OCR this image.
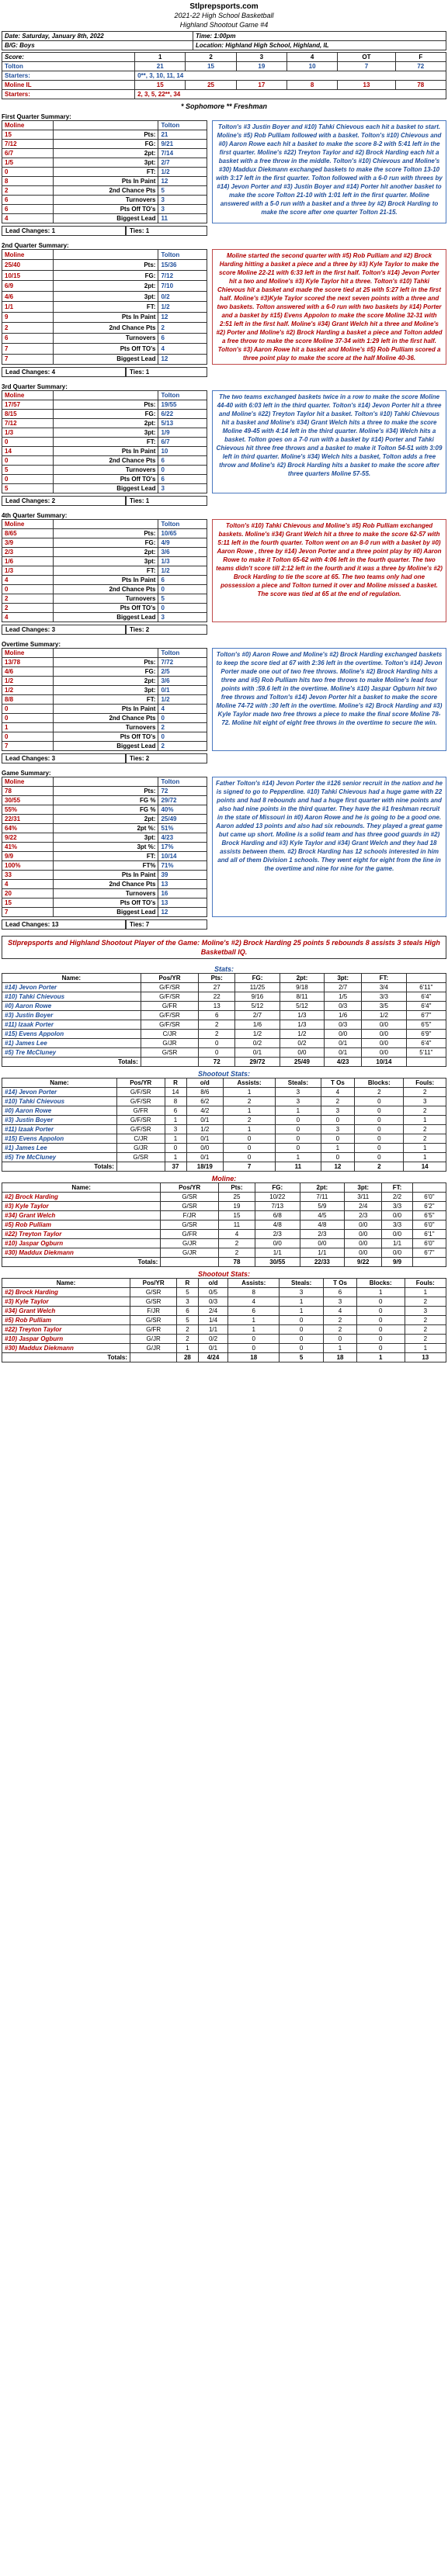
Stlprepsports.com
2021-22 High School Basketball
Highland Shootout Game #4
Date: Saturday, January 8th, 2022	Time: 1:00pm
B/G: Boys	Location: Highland High School, Highland, IL
Score:	1	2	3	4	OT	F
Tolton	21	15	19	10	7	72
Starters:	0**, 3, 10, 11, 14					
Moline IL	15	25	17	8	13	78
Starters:	2, 3, 5, 22**, 34					
* Sophomore ** Freshman
First Quarter Summary:
Moline		Tolton
15	Pts:	21
7/12	FG:	9/21
6/7	2pt:	7/14
1/5	3pt:	2/7
0	FT:	1/2
8	Pts In Paint	12
2	2nd Chance Pts	5
6	Turnovers	3
6	Pts Off TO's	3
4	Biggest Lead	11
Tolton's #3 Justin Boyer and #10) Tahki Chievous each hit a basket to start. Moline's #5) Rob Pulliam followed with a basket. Tolton's #10) Chievous and #0) Aaron Rowe each hit a basket to make the score 8-2 with 5:41 left in the first quarter. Moline's #22) Treyton Taylor and #2) Brock Harding each hit a basket with a free throw in the middle. Tolton's #10) Chievous and Moline's #30) Maddux Diekmann exchanged baskets to make the score Tolton 13-10 with 3:17 left in the first quarter. Tolton followed with a 6-0 run with threes by #14) Jevon Porter and #3) Justin Boyer and #14) Porter hit another basket to make the score Tolton 21-10 with 1:01 left in the first quarter. Moline answered with a 5-0 run with a basket and a three by #2) Brock Harding to make the score after one quarter Tolton 21-15.
Lead Changes: 1	Ties: 1
2nd Quarter Summary:
Moline		Tolton
25/40	Pts:	15/36
10/15	FG:	7/12
6/9	2pt:	7/10
4/6	3pt:	0/2
1/1	FT:	1/2
9	Pts In Paint	12
2	2nd Chance Pts	2
6	Turnovers	6
7	Pts Off TO's	4
7	Biggest Lead	12
Moline started the second quarter with #5) Rob Pulliam and #2) Brock Harding hitting a basket a piece and a three by #3) Kyle Taylor to make the score Moline 22-21 with 6:33 left in the first half. Tolton's #14) Jevon Porter hit a two and Moline's #3) Kyle Taylor hit a three. Tolton's #10) Tahki Chievous hit a basket and made the score tied at 25 with 5:27 left in the first half. Moline's #3)Kyle Taylor scored the next seven points with a three and two baskets. Tolton answered with a 6-0 run with two baskets by #14) Porter and a basket by #15) Evens Appolon to make the score Moline 32-31 with 2:51 left in the first half. Moline's #34) Grant Welch hit a three and Moline's #2) Porter and Moline's #2) Brock Harding a basket a piece and Tolton added a free throw to make the score Moline 37-34 with 1:29 left in the first half. Tolton's #3) Aaron Rowe hit a basket and Moline's #5) Rob Pulliam scored a three point play to make the score at the half Moline 40-36.
Lead Changes: 4	Ties: 1
3rd Quarter Summary:
Moline		Tolton
17/57	Pts:	19/55
8/15	FG:	6/22
7/12	2pt:	5/13
1/3	3pt:	1/9
0	FT:	6/7
14	Pts In Paint	10
0	2nd Chance Pts	6
5	Turnovers	0
0	Pts Off TO's	6
5	Biggest Lead	3
The two teams exchanged baskets twice in a row to make the score Moline 44-40 with 6:03 left in the third quarter. Tolton's #14) Jevon Porter hit a three and Moline's #22) Treyton Taylor hit a basket. Tolton's #10) Tahki Chievous hit a basket and Moline's #34) Grant Welch hits a three to make the score Moline 49-45 with 4:14 left in the third quarter. Moline's #34) Welch hits a basket. Tolton goes on a 7-0 run with a basket by #14) Porter and Tahki Chievous hit three free throws and a basket to make it Tolton 54-51 with 3:09 left in third quarter. Moline's #34) Welch hits a basket, Tolton adds a free throw and Moline's #2) Brock Harding hits a basket to make the score after three quarters Moline 57-55.
Lead Changes: 2	Ties: 1
4th Quarter Summary:
Moline		Tolton
8/65	Pts:	10/65
3/9	FG:	4/9
2/3	2pt:	3/6
1/6	3pt:	1/3
1/3	FT:	1/2
4	Pts In Paint	6
0	2nd Chance Pts	0
2	Turnovers	5
2	Pts Off TO's	0
4	Biggest Lead	3
Tolton's #10) Tahki Chievous and Moline's #5) Rob Pulliam exchanged baskets. Moline's #34) Grant Welch hit a three to make the score 62-57 with 5:11 left in the fourth quarter. Tolton went on an 8-0 run with a basket by #0) Aaron Rowe , three by #14) Jevon Porter and a three point play by #0) Aaron Rowe to make it Tolton 65-62 with 4:06 left in the fourth quarter. The two teams didn't score till 2:12 left in the fourth and it was a three by Moline's #2) Brock Harding to tie the score at 65. The two teams only had one possession a piece and Tolton turned it over and Moline missed a basket. The score was tied at 65 at the end of regulation.
Lead Changes: 3	Ties: 2
Overtime Summary:
Moline		Tolton
13/78	Pts:	7/72
4/6	FG:	2/5
1/2	2pt:	3/6
1/2	3pt:	0/1
8/8	FT:	1/2
0	Pts In Paint	4
0	2nd Chance Pts	0
1	Turnovers	2
0	Pts Off TO's	0
7	Biggest Lead	2
Tolton's #0) Aaron Rowe and Moline's #2) Brock Harding exchanged baskets to keep the score tied at 67 with 2:36 left in the overtime. Tolton's #14) Jevon Porter made one out of two free throws. Moline's #2) Brock Harding hits a three and #5) Rob Pulliam hits two free throws to make Moline's lead four points with :59.6 left in the overtime. Moline's #10) Jaspar Ogburn hit two free throws and Tolton's #14) Jevon Porter hit a basket to make the score Moline 74-72 with :30 left in the overtime. Moline's #2) Brock Harding and #3) Kyle Taylor made two free throws a piece to make the final score Moline 78-72. Moline hit eight of eight free throws in the overtime to secure the win.
Lead Changes: 3	Ties: 2
Game Summary:
Moline		Tolton
78	Pts:	72
30/55	FG %	29/72
55%	FG %	40%
22/31	2pt:	25/49
64%	2pt %:	51%
9/22	3pt:	4/23
41%	3pt %:	17%
9/9	FT:	10/14
100%	FT%	71%
33	Pts In Paint	39
4	2nd Chance Pts	13
20	Turnovers	16
15	Pts Off TO's	13
7	Biggest Lead	12
Father Tolton's #14) Jevon Porter the #126 senior recruit in the nation and he is signed to go to Pepperdine. #10) Tahki Chievous had a huge game with 22 points and had 8 rebounds and had a huge first quarter with nine points and also had nine points in the third quarter. They have the #1 freshman recruit in the state of Missouri in #0) Aaron Rowe and he is going to be a good one. Aaron added 13 points and also had six rebounds. They played a great game but came up short. Moline is a solid team and has three good guards in #2) Brock Harding and #3) Kyle Taylor and #34) Grant Welch and they had 18 assists between them. #2) Brock Harding has 12 schools interested in him and all of them Division 1 schools. They went eight for eight from the line in the overtime and nine for nine for the game.
Lead Changes: 13	Ties: 7
Stlprepsports and Highland Shootout Player of the Game: Moline's #2) Brock Harding 25 points 5 rebounds 8 assists 3 steals High Basketball IQ.
Stats:
Name:	Pos/YR	Pts:	FG:	2pt:	3pt:	FT:	
#14) Jevon Porter	G/F/SR	27	11/25	9/18	2/7	3/4	6'11"
#10) Tahki Chievous	G/F/SR	22	9/16	8/11	1/5	3/3	6'4"
#0) Aaron Rowe	G/FR	13	5/12	5/12	0/3	3/5	6'4"
#3) Justin Boyer	G/F/SR	6	2/7	1/3	1/6	1/2	6'7"
#11) Izaak Porter	G/F/SR	2	1/6	1/3	0/3	0/0	6'5"
#15) Evens Appolon	C/JR	2	1/2	1/2	0/0	0/0	6'9"
#1) James Lee	G/JR	0	0/2	0/2	0/1	0/0	6'4"
#5) Tre McCluney	G/SR	0	0/1	0/0	0/1	0/0	5'11"
Totals:		72	29/72	25/49	4/23	10/14	
Shootout Stats:
Name:	Pos/YR	R	o/d	Assists:	Steals:	T Os	Blocks:	Fouls:
#14) Jevon Porter	G/F/SR	14	8/6	1	3	4	2	2
#10) Tahki Chievous	G/F/SR	8	6/2	2	3	2	0	3
#0) Aaron Rowe	G/FR	6	4/2	1	1	3	0	2
#3) Justin Boyer	G/F/SR	1	0/1	2	0	0	0	1
#11) Izaak Porter	G/F/SR	3	1/2	1	0	3	0	2
#15) Evens Appolon	C/JR	1	0/1	0	0	0	0	2
#1) James Lee	G/JR	0	0/0	0	0	1	0	1
#5) Tre McCluney	G/SR	1	0/1	0	1	0	0	1
Totals:		37	18/19	7	11	12	2	14
Moline:
Name:	Pos/YR	Pts:	FG:	2pt:	3pt:	FT:	
#2) Brock Harding	G/SR	25	10/22	7/11	3/11	2/2	6'0"
#3) Kyle Taylor	G/SR	19	7/13	5/9	2/4	3/3	6'2"
#34) Grant Welch	F/JR	15	6/8	4/5	2/3	0/0	6'5"
#5) Rob Pulliam	G/SR	11	4/8	4/8	0/0	3/3	6'0"
#22) Treyton Taylor	G/FR	4	2/3	2/3	0/0	0/0	6'1"
#10) Jaspar Ogburn	G/JR	2	0/0	0/0	0/0	1/1	6'0"
#30) Maddux Diekmann	G/JR	2	1/1	1/1	0/0	0/0	6'7"
Totals:		78	30/55	22/33	9/22	9/9	
Shootout Stats:
Name:	Pos/YR	R	o/d	Assists:	Steals:	T Os	Blocks:	Fouls:
#2) Brock Harding	G/SR	5	0/5	8	3	6	1	1
#3) Kyle Taylor	G/SR	3	0/3	4	1	3	0	2
#34) Grant Welch	F/JR	6	2/4	6	1	4	0	3
#5) Rob Pulliam	G/SR	5	1/4	1	0	2	0	2
#22) Treyton Taylor	G/FR	2	1/1	1	0	2	0	2
#10) Jaspar Ogburn	G/JR	2	0/2	0	0	0	0	2
#30) Maddux Diekmann	G/JR	1	0/1	0	0	1	0	1
Totals:		28	4/24	18	5	18	1	13
